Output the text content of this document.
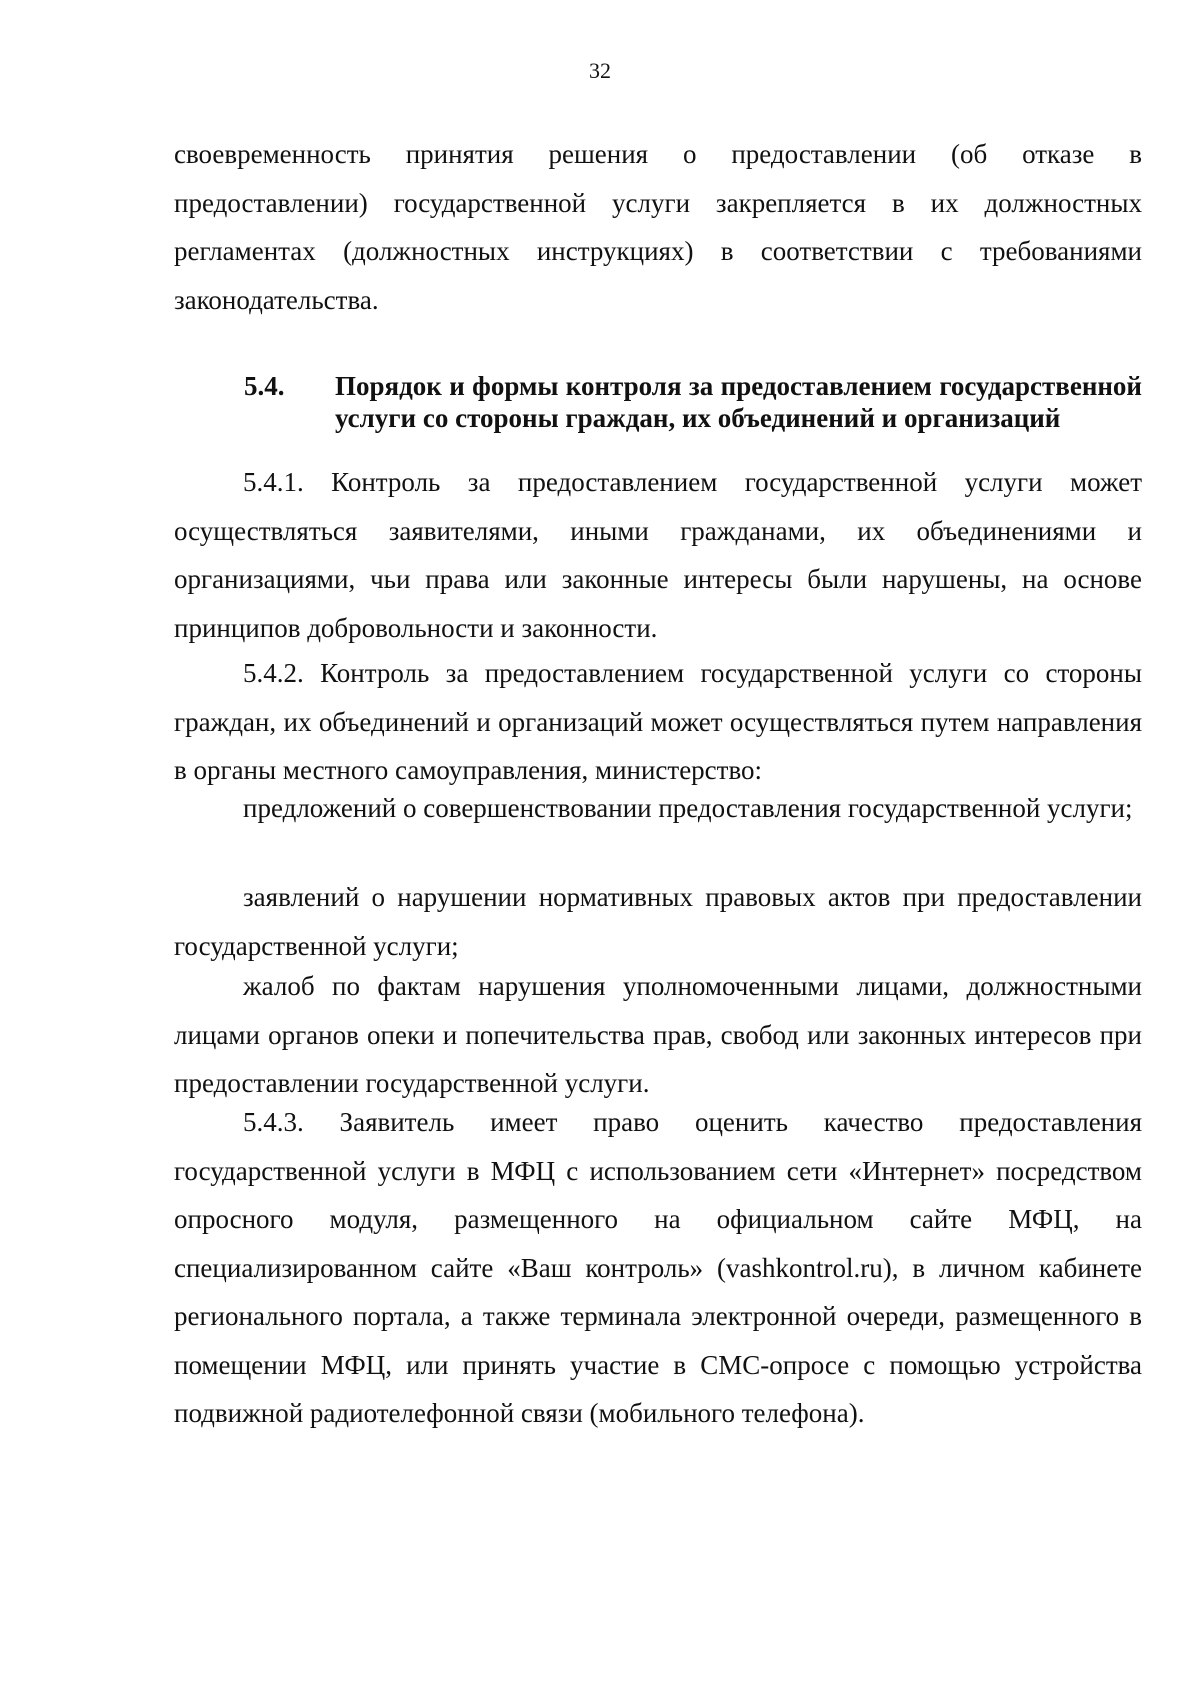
32
своевременность принятия решения о предоставлении (об отказе в предоставлении) государственной услуги закрепляется в их должностных регламентах (должностных инструкциях) в соответствии с требованиями законодательства.
5.4.	Порядок и формы контроля за предоставлением государственной услуги со стороны граждан, их объединений и организаций
5.4.1. Контроль за предоставлением государственной услуги может осуществляться заявителями, иными гражданами, их объединениями и организациями, чьи права или законные интересы были нарушены, на основе принципов добровольности и законности.
5.4.2. Контроль за предоставлением государственной услуги со стороны граждан, их объединений и организаций может осуществляться путем направления в органы местного самоуправления, министерство:
предложений о совершенствовании предоставления государственной услуги;
заявлений о нарушении нормативных правовых актов при предоставлении государственной услуги;
жалоб по фактам нарушения уполномоченными лицами, должностными лицами органов опеки и попечительства прав, свобод или законных интересов при предоставлении государственной услуги.
5.4.3. Заявитель имеет право оценить качество предоставления государственной услуги в МФЦ с использованием сети «Интернет» посредством опросного модуля, размещенного на официальном сайте МФЦ, на специализированном сайте «Ваш контроль» (vashkontrol.ru), в личном кабинете регионального портала, а также терминала электронной очереди, размещенного в помещении МФЦ, или принять участие в СМС-опросе с помощью устройства подвижной радиотелефонной связи (мобильного телефона).
